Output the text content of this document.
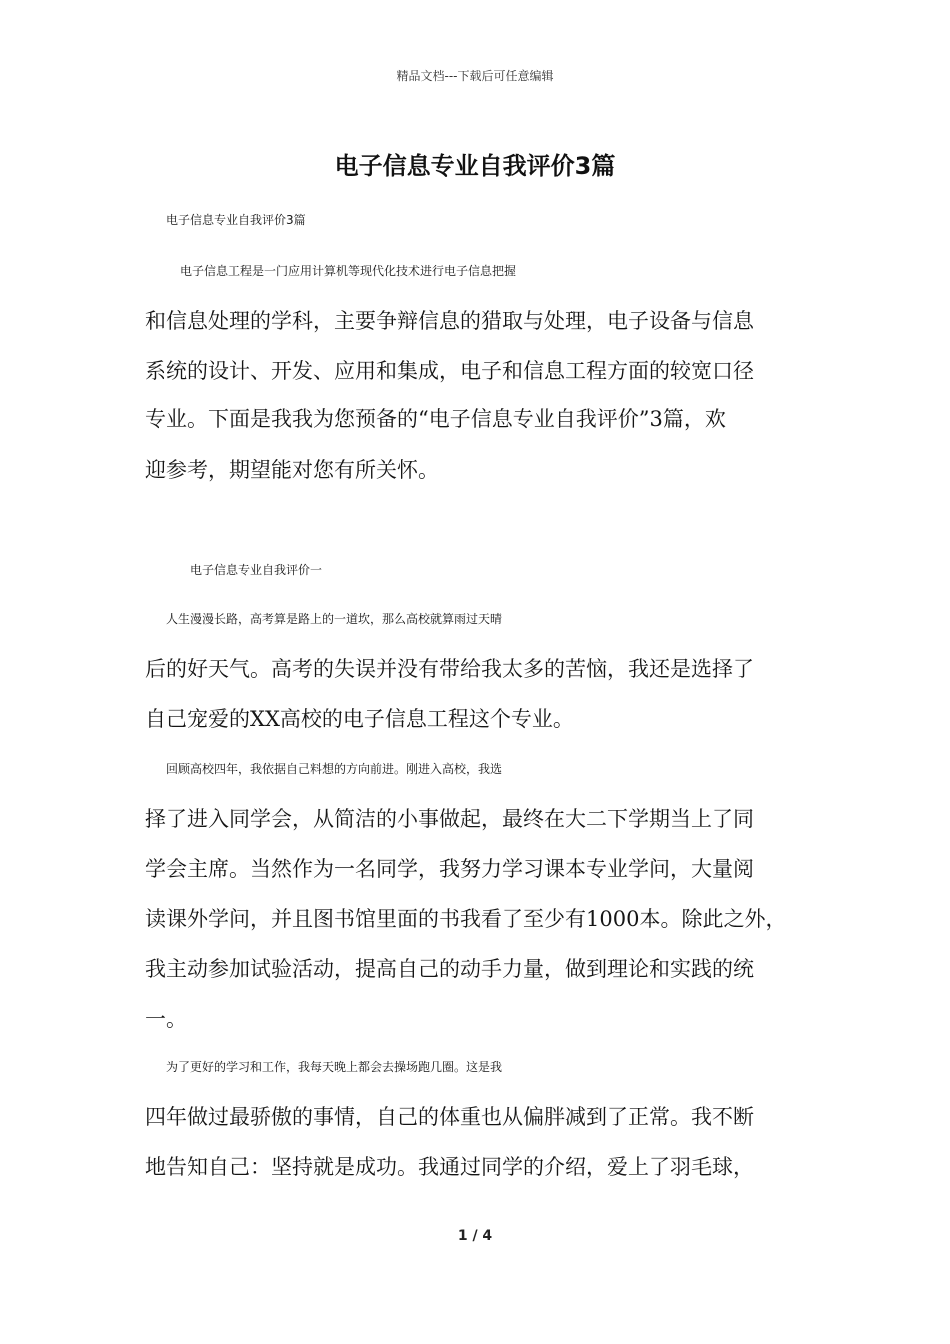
精品文档---下载后可任意编辑
电子信息专业自我评价3篇

电子信息专业自我评价3篇

电子信息工程是一门应用计算机等现代化技术进行电子信息把握

和信息处理的学科，主要争辩信息的猎取与处理，电子设备与信息

系统的设计、开发、应用和集成，电子和信息工程方面的较宽口径

专业。下面是我我为您预备的“电子信息专业自我评价”3篇，欢

迎参考，期望能对您有所关怀。

电子信息专业自我评价一

人生漫漫长路，高考算是路上的一道坎，那么高校就算雨过天晴

后的好天气。高考的失误并没有带给我太多的苦恼，我还是选择了

自己宠爱的XX高校的电子信息工程这个专业。

回顾高校四年，我依据自己料想的方向前进。刚进入高校，我选

择了进入同学会，从简洁的小事做起，最终在大二下学期当上了同

学会主席。当然作为一名同学，我努力学习课本专业学问，大量阅

读课外学问，并且图书馆里面的书我看了至少有1000本。除此之外，

我主动参加试验活动，提高自己的动手力量，做到理论和实践的统

一。

为了更好的学习和工作，我每天晚上都会去操场跑几圈。这是我

四年做过最骄傲的事情，自己的体重也从偏胖减到了正常。我不断

地告知自己：坚持就是成功。我通过同学的介绍，爱上了羽毛球，

1 / 4
